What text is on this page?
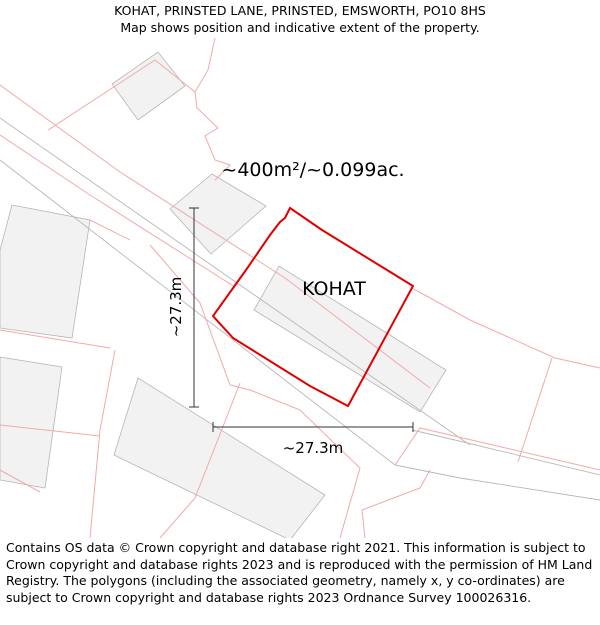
KOHAT, PRINSTED LANE, PRINSTED, EMSWORTH, PO10 8HS
Map shows position and indicative extent of the property.
~400m²/~0.099ac.
KOHAT
~27.3m
~27.3m
Contains OS data © Crown copyright and database right 2021. This information is subject to Crown copyright and database rights 2023 and is reproduced with the permission of HM Land Registry. The polygons (including the associated geometry, namely x, y co-ordinates) are subject to Crown copyright and database rights 2023 Ordnance Survey 100026316.
